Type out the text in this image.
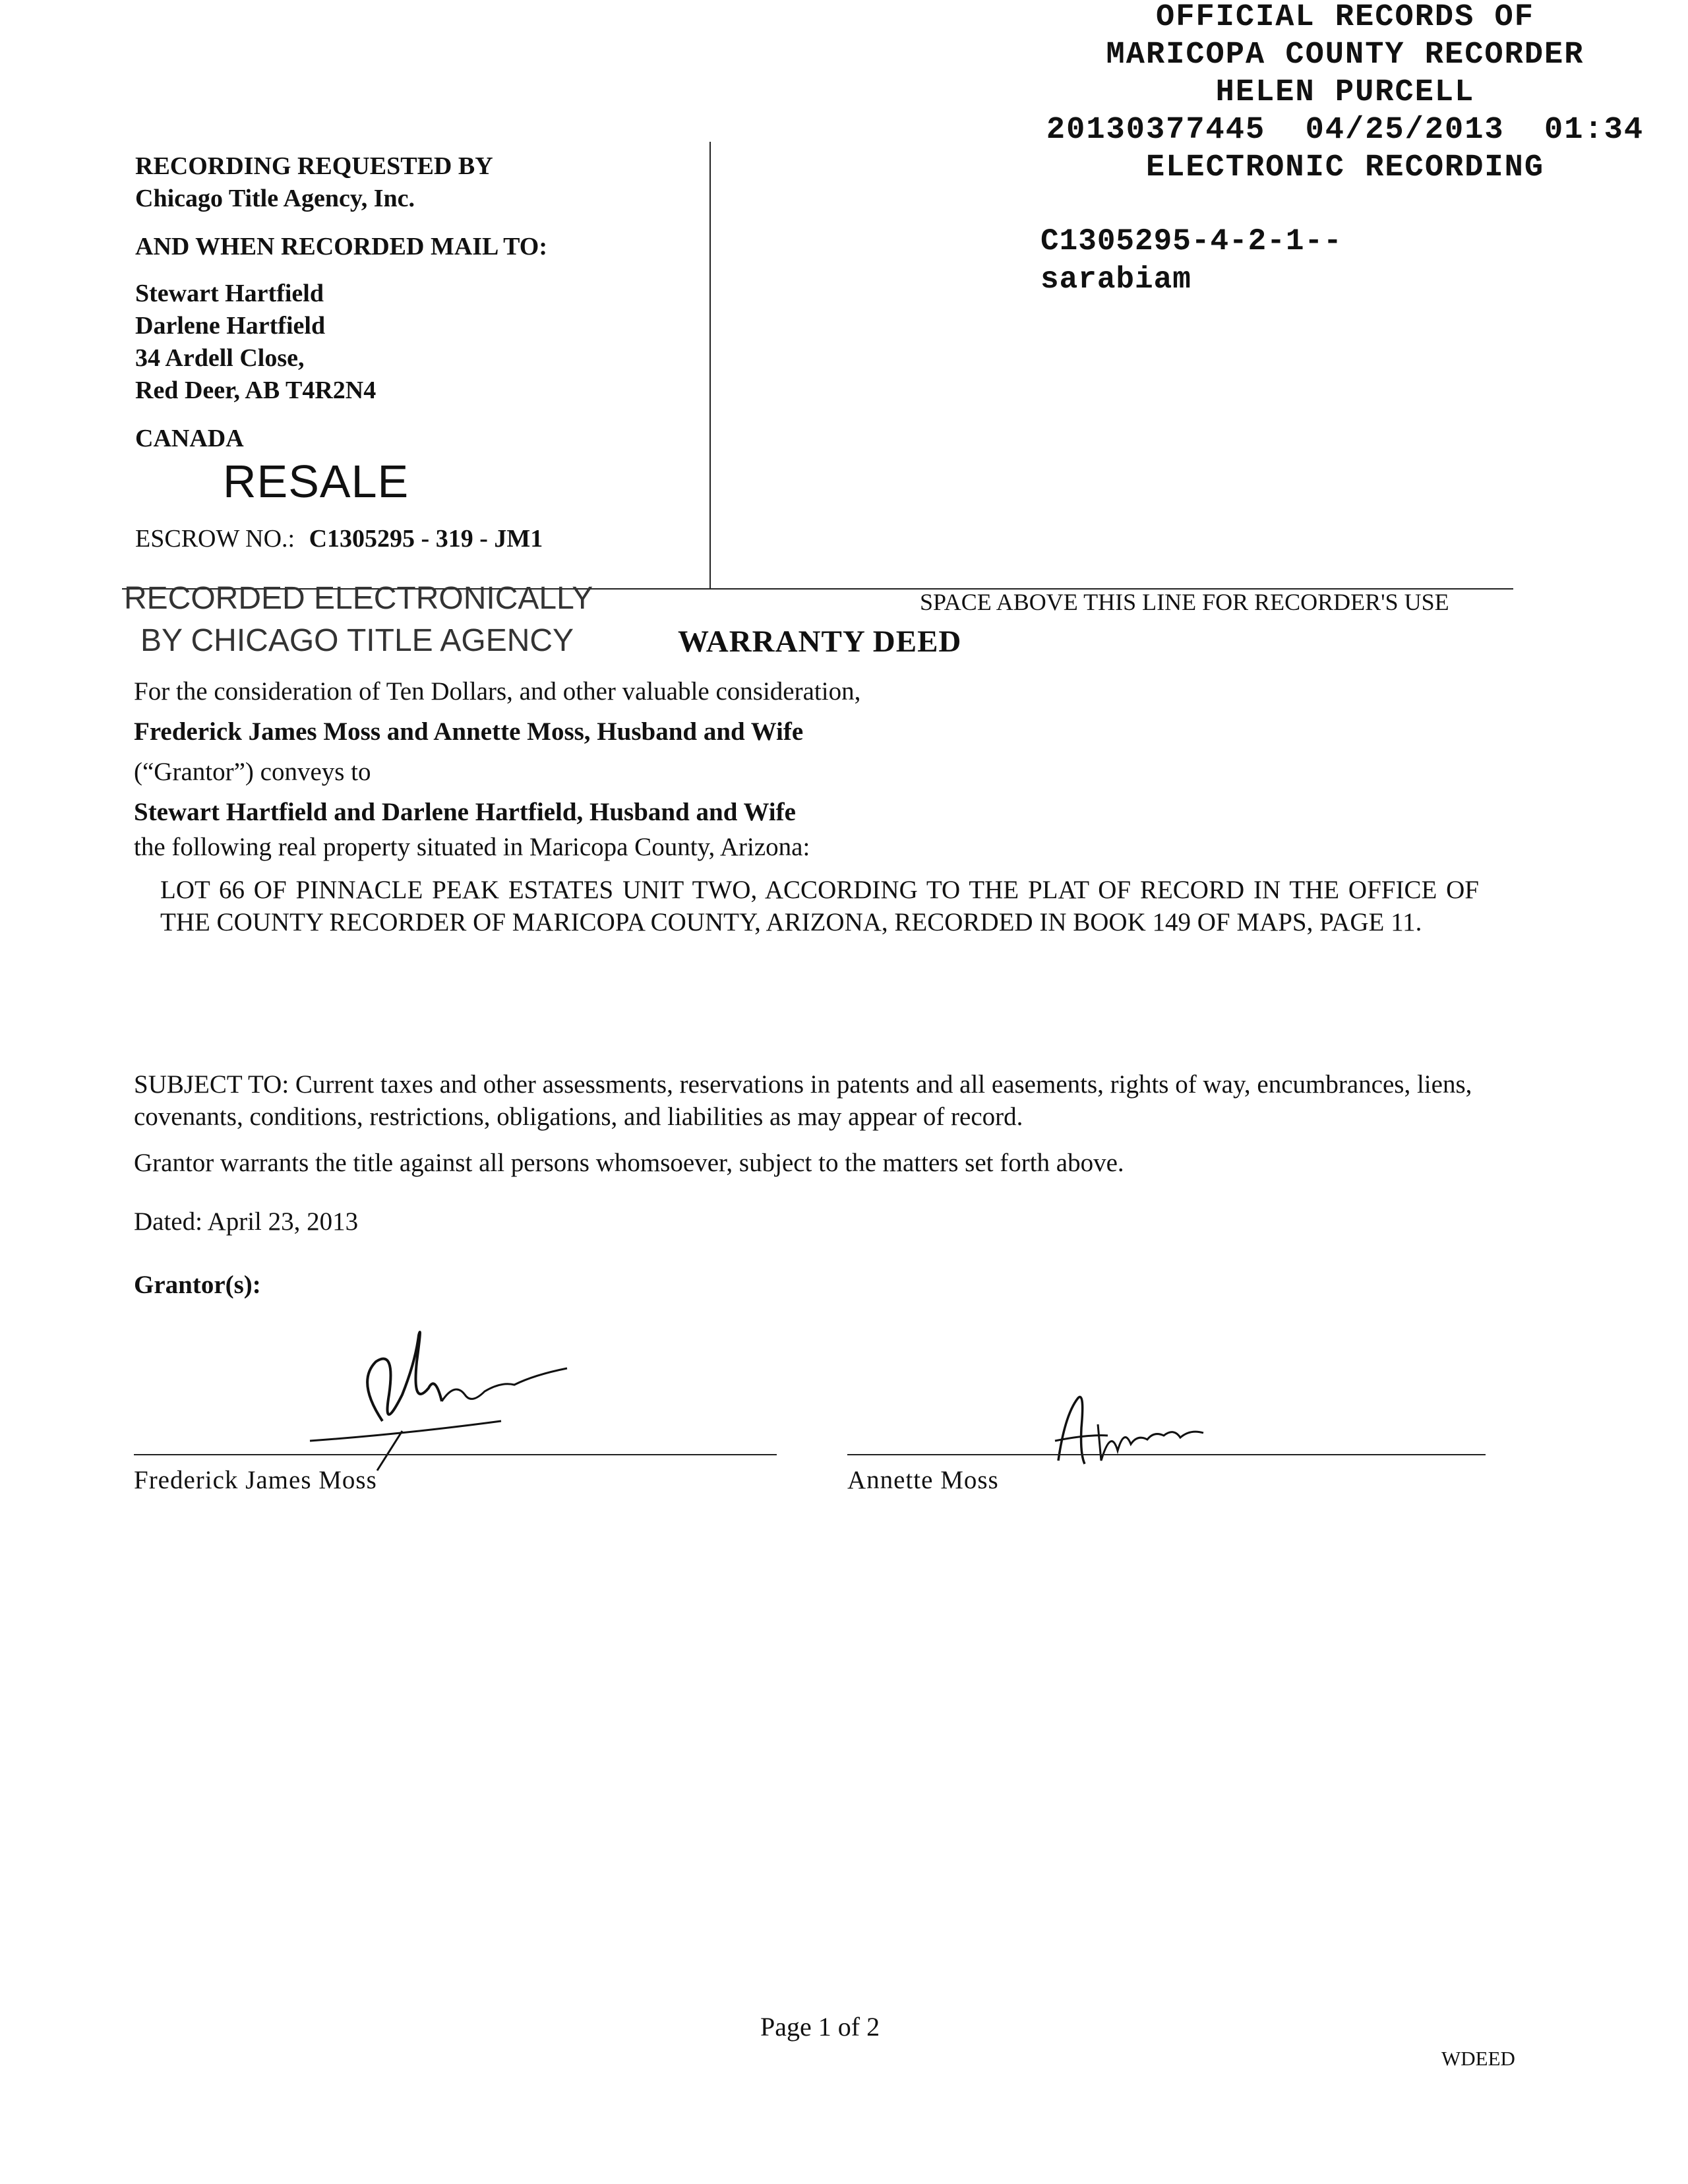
OFFICIAL RECORDS OF
MARICOPA COUNTY RECORDER
HELEN PURCELL
20130377445  04/25/2013  01:34
ELECTRONIC RECORDING
C1305295-4-2-1--
sarabiam
RECORDING REQUESTED BY
Chicago Title Agency, Inc.
AND WHEN RECORDED MAIL TO:
Stewart Hartfield
Darlene Hartfield
34 Ardell Close,
Red Deer, AB T4R2N4
CANADA
RESALE
ESCROW NO.: C1305295 - 319 - JM1
RECORDED ELECTRONICALLY
BY CHICAGO TITLE AGENCY
SPACE ABOVE THIS LINE FOR RECORDER'S USE
WARRANTY DEED
For the consideration of Ten Dollars, and other valuable consideration,
Frederick James Moss and Annette Moss, Husband and Wife
(“Grantor”) conveys to
Stewart Hartfield and Darlene Hartfield, Husband and Wife
the following real property situated in Maricopa County, Arizona:
LOT 66 OF PINNACLE PEAK ESTATES UNIT TWO, ACCORDING TO THE PLAT OF RECORD IN THE OFFICE OF THE COUNTY RECORDER OF MARICOPA COUNTY, ARIZONA, RECORDED IN BOOK 149 OF MAPS, PAGE 11.
SUBJECT TO: Current taxes and other assessments, reservations in patents and all easements, rights of way, encumbrances, liens, covenants, conditions, restrictions, obligations, and liabilities as may appear of record.
Grantor warrants the title against all persons whomsoever, subject to the matters set forth above.
Dated: April 23, 2013
Grantor(s):
Frederick James Moss	Annette Moss
Page 1 of 2
WDEED
